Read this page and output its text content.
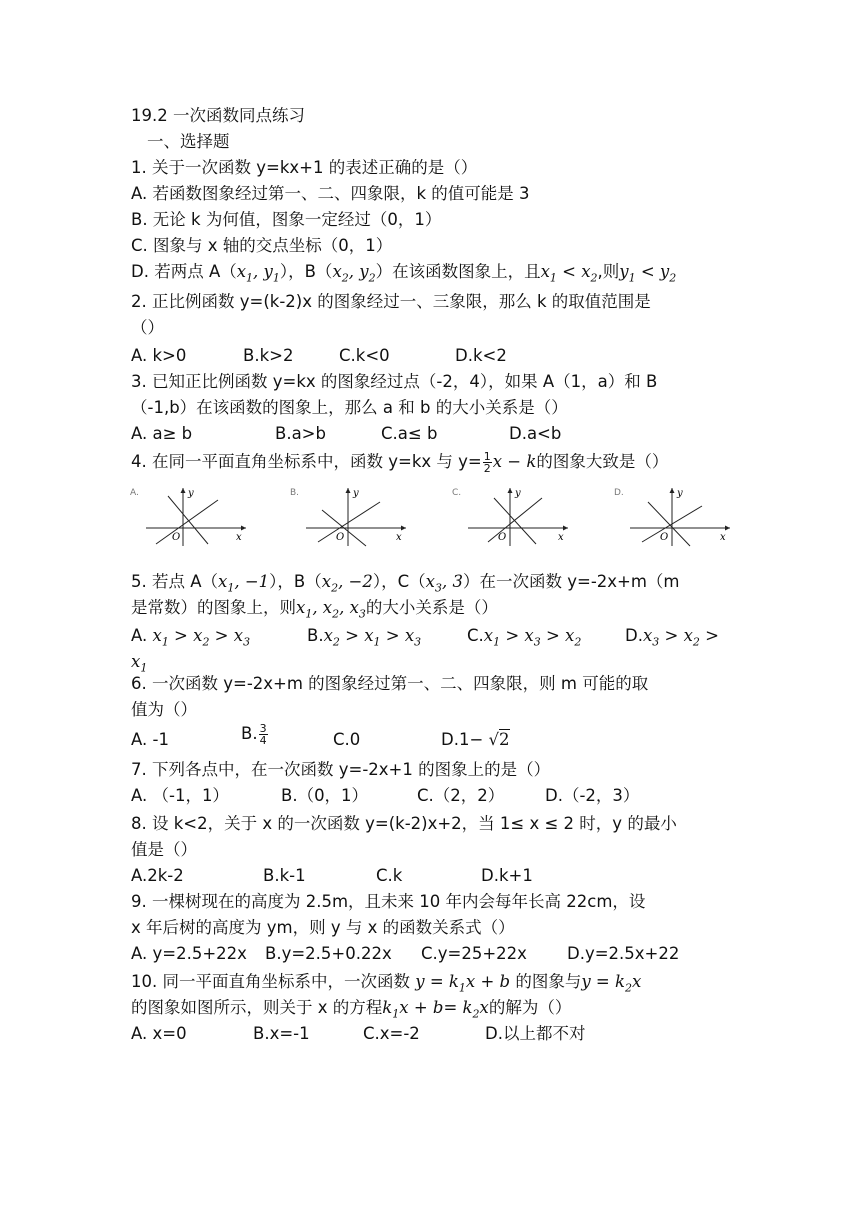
19.2 一次函数同点练习
一、选择题
1. 关于一次函数 y=kx+1 的表述正确的是（）
A. 若函数图象经过第一、二、四象限，k 的值可能是 3
B. 无论 k 为何值，图象一定经过（0，1）
C. 图象与 x 轴的交点坐标（0，1）
D. 若两点 $A(x_1$, $y_1$），$B(x_2$, $y_2$）在该函数图象上，且$x_1 < x_2$,则$y_1 < y_2$
2. 正比例函数 y=(k-2)x 的图象经过一、三象限，那么 k 的取值范围是
（）
A. k>0	B.k>2	C.k<0	D.k<2
3. 已知正比例函数 y=kx 的图象经过点（-2，4），如果 A（1，a）和 B
（-1,b）在该函数的图象上，那么 a 和 b 的大小关系是（）
A. a≥ b	B.a>b	C.a≤ b	D.a<b
4. 在同一平面直角坐标系中，函数 y=kx 与 $y= \frac{1}{2}$ x − k的图象大致是（）
A.	y
x
O
B.	y
x
O
C.	y
x
O
D.	y
x
O
5. 若点 $A(x_1$, −1），$B(x_2$, −2），$C(x_3$, 3）在一次函数 y=-2x+m（m
是常数）的图象上，则$x_1$, $x_2$, $x_3$的大小关系是（）
A. $x_1 > x_2 > x_3$	$B.x_2 > x_1 > x_3$	$C.x_1 > x_3 > x_2$	$D.x_3 > x_2$ >
$x_1$
6. 一次函数 y=-2x+m 的图象经过第一、二、四象限，则 m 可能的取
值为（）
A. -1	B. $\frac{3}{4}$	C.0	D.1− √2
7. 下列各点中，在一次函数 y=-2x+1 的图象上的是（）
A. （-1，1）	B.（0，1）	C.（2，2） D.（-2，3）
8. 设 k<2，关于 x 的一次函数 y=(k-2)x+2，当 1≤ x ≤ 2 时，y 的最小
值是（）
A.2k-2	B.k-1	C.k	D.k+1
9. 一棵树现在的高度为 2.5m，且未来 10 年内会每年长高 22cm，设
x 年后树的高度为 ym，则 y 与 x 的函数关系式（）
A. y=2.5+22x B.y=2.5+0.22x C.y=25+22x D.y=2.5x+22
10. 同一平面直角坐标系中，一次函数 $y = k_1x + b$ 的图象与$y = k_2x$
的图象如图所示，则关于 x 的方程$k_1x + b= k_2x$的解为（）
A. x=0	B.x=-1	C.x=-2	D.以上都不对
